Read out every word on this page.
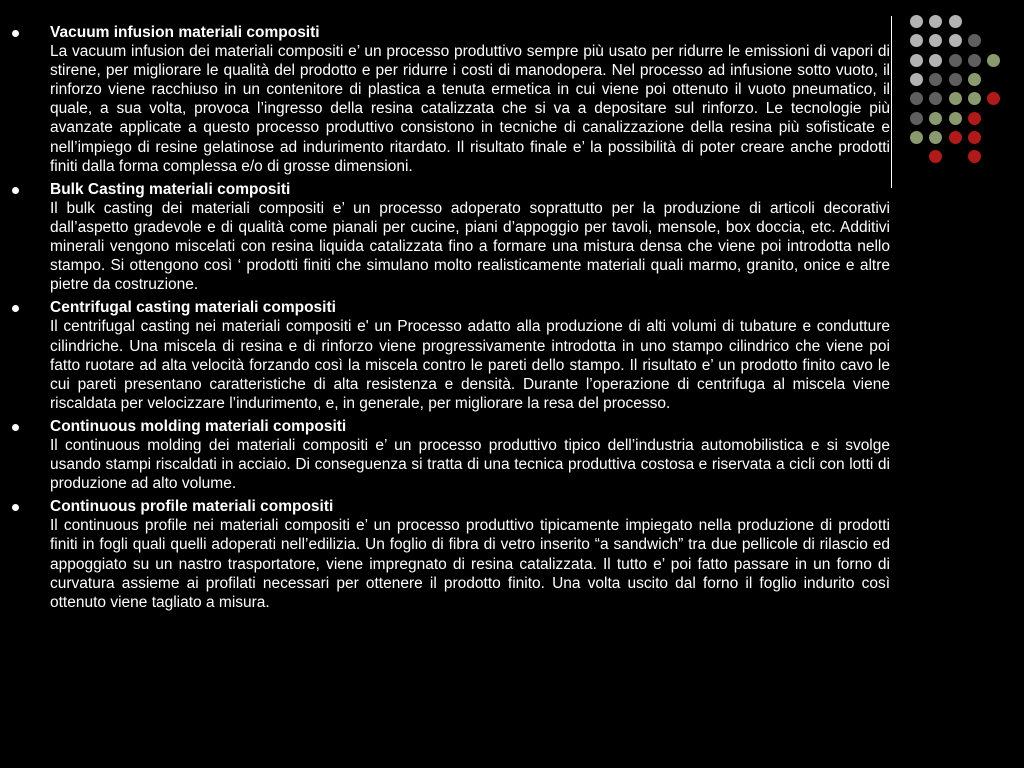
Vacuum infusion materiali compositi

La vacuum infusion dei materiali compositi e’ un processo produttivo sempre più usato per ridurre le emissioni di vapori di stirene, per migliorare le qualità del prodotto e per ridurre i costi di manodopera. Nel processo ad infusione sotto vuoto, il rinforzo viene racchiuso in un contenitore di plastica a tenuta ermetica in cui viene poi ottenuto il vuoto pneumatico, il quale, a sua volta, provoca l’ingresso della resina catalizzata che si va a depositare sul rinforzo. Le tecnologie più avanzate applicate a questo processo produttivo consistono in tecniche di canalizzazione della resina più sofisticate e nell’impiego di resine gelatinose ad indurimento ritardato. Il risultato finale e’ la possibilità di poter creare anche prodotti finiti dalla forma complessa e/o di grosse dimensioni.

Bulk Casting materiali compositi

Il bulk casting dei materiali compositi e’ un processo adoperato soprattutto per la produzione di articoli decorativi dall’aspetto gradevole e di qualità come pianali per cucine, piani d’appoggio per tavoli, mensole, box doccia, etc. Additivi minerali vengono miscelati con resina liquida catalizzata fino a formare una mistura densa che viene poi introdotta nello stampo. Si ottengono così ‘ prodotti finiti che simulano molto realisticamente materiali quali marmo, granito, onice e altre pietre da costruzione.

Centrifugal casting materiali compositi

Il centrifugal casting nei materiali compositi e' un Processo adatto alla produzione di alti volumi di tubature e condutture cilindriche. Una miscela di resina e di rinforzo viene progressivamente introdotta in uno stampo cilindrico che viene poi fatto ruotare ad alta velocità forzando così la miscela contro le pareti dello stampo. Il risultato e’ un prodotto finito cavo le cui pareti presentano caratteristiche di alta resistenza e densità. Durante l’operazione di centrifuga al miscela viene riscaldata per velocizzare l’indurimento, e, in generale, per migliorare la resa del processo.

Continuous molding materiali compositi

Il continuous molding dei materiali compositi e’ un processo produttivo tipico dell’industria automobilistica e si svolge usando stampi riscaldati in acciaio. Di conseguenza si tratta di una tecnica produttiva costosa e riservata a cicli con lotti di produzione ad alto volume.

Continuous profile materiali compositi

Il continuous profile nei materiali compositi e’ un processo produttivo tipicamente impiegato nella produzione di prodotti finiti in fogli quali quelli adoperati nell’edilizia. Un foglio di fibra di vetro inserito “a sandwich” tra due pellicole di rilascio ed appoggiato su un nastro trasportatore, viene impregnato di resina catalizzata. Il tutto e’ poi fatto passare in un forno di curvatura assieme ai profilati necessari per ottenere il prodotto finito. Una volta uscito dal forno il foglio indurito così ottenuto viene tagliato a misura.
